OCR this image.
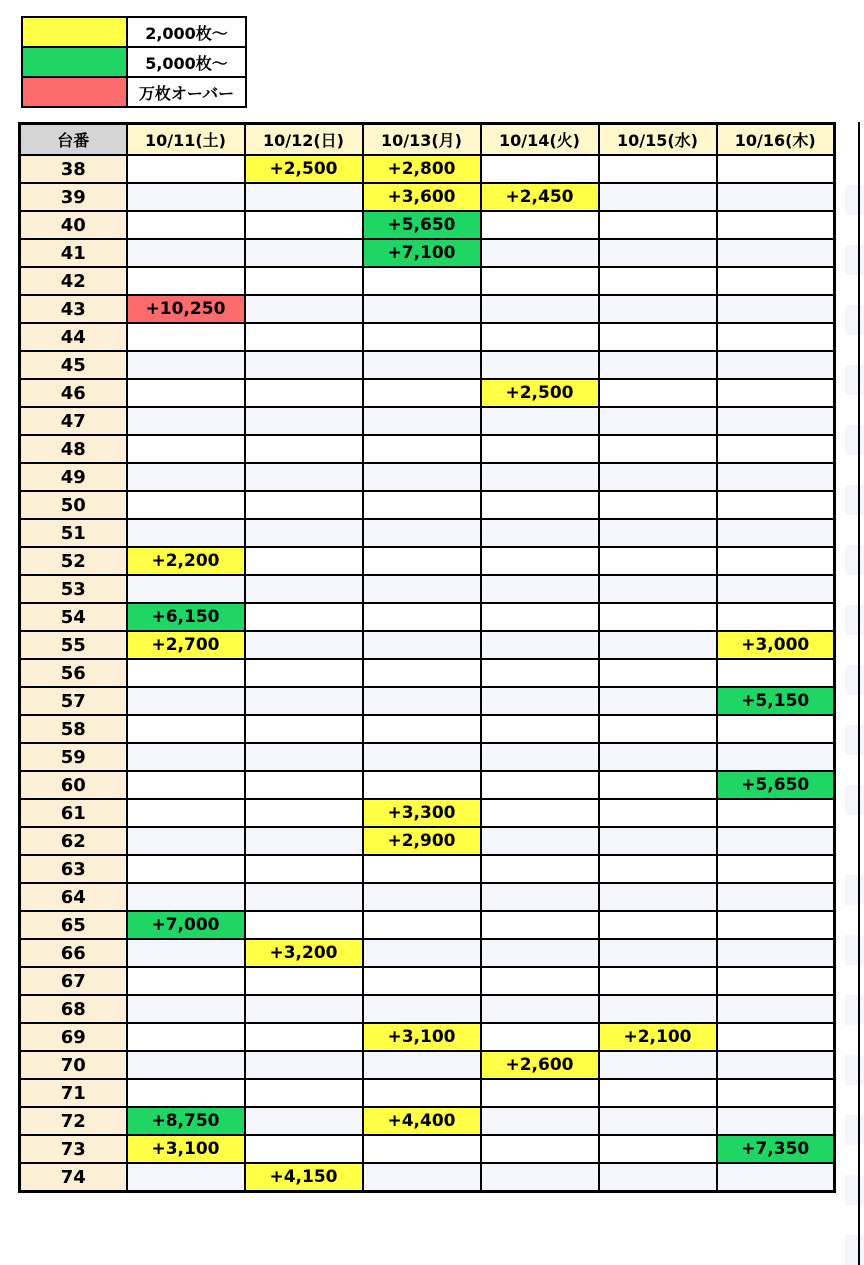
	2,000枚〜
	5,000枚〜
	万枚オーバー
台番	10/11(土)	10/12(日)	10/13(月)	10/14(火)	10/15(水)	10/16(木)
38		+2,500	+2,800			
39			+3,600	+2,450		
40			+5,650			
41			+7,100			
42						
43	+10,250					
44						
45						
46				+2,500		
47						
48						
49						
50						
51						
52	+2,200					
53						
54	+6,150					
55	+2,700					+3,000
56						
57						+5,150
58						
59						
60						+5,650
61			+3,300			
62			+2,900			
63						
64						
65	+7,000					
66		+3,200				
67						
68						
69			+3,100		+2,100	
70				+2,600		
71						
72	+8,750		+4,400			
73	+3,100					+7,350
74		+4,150				
